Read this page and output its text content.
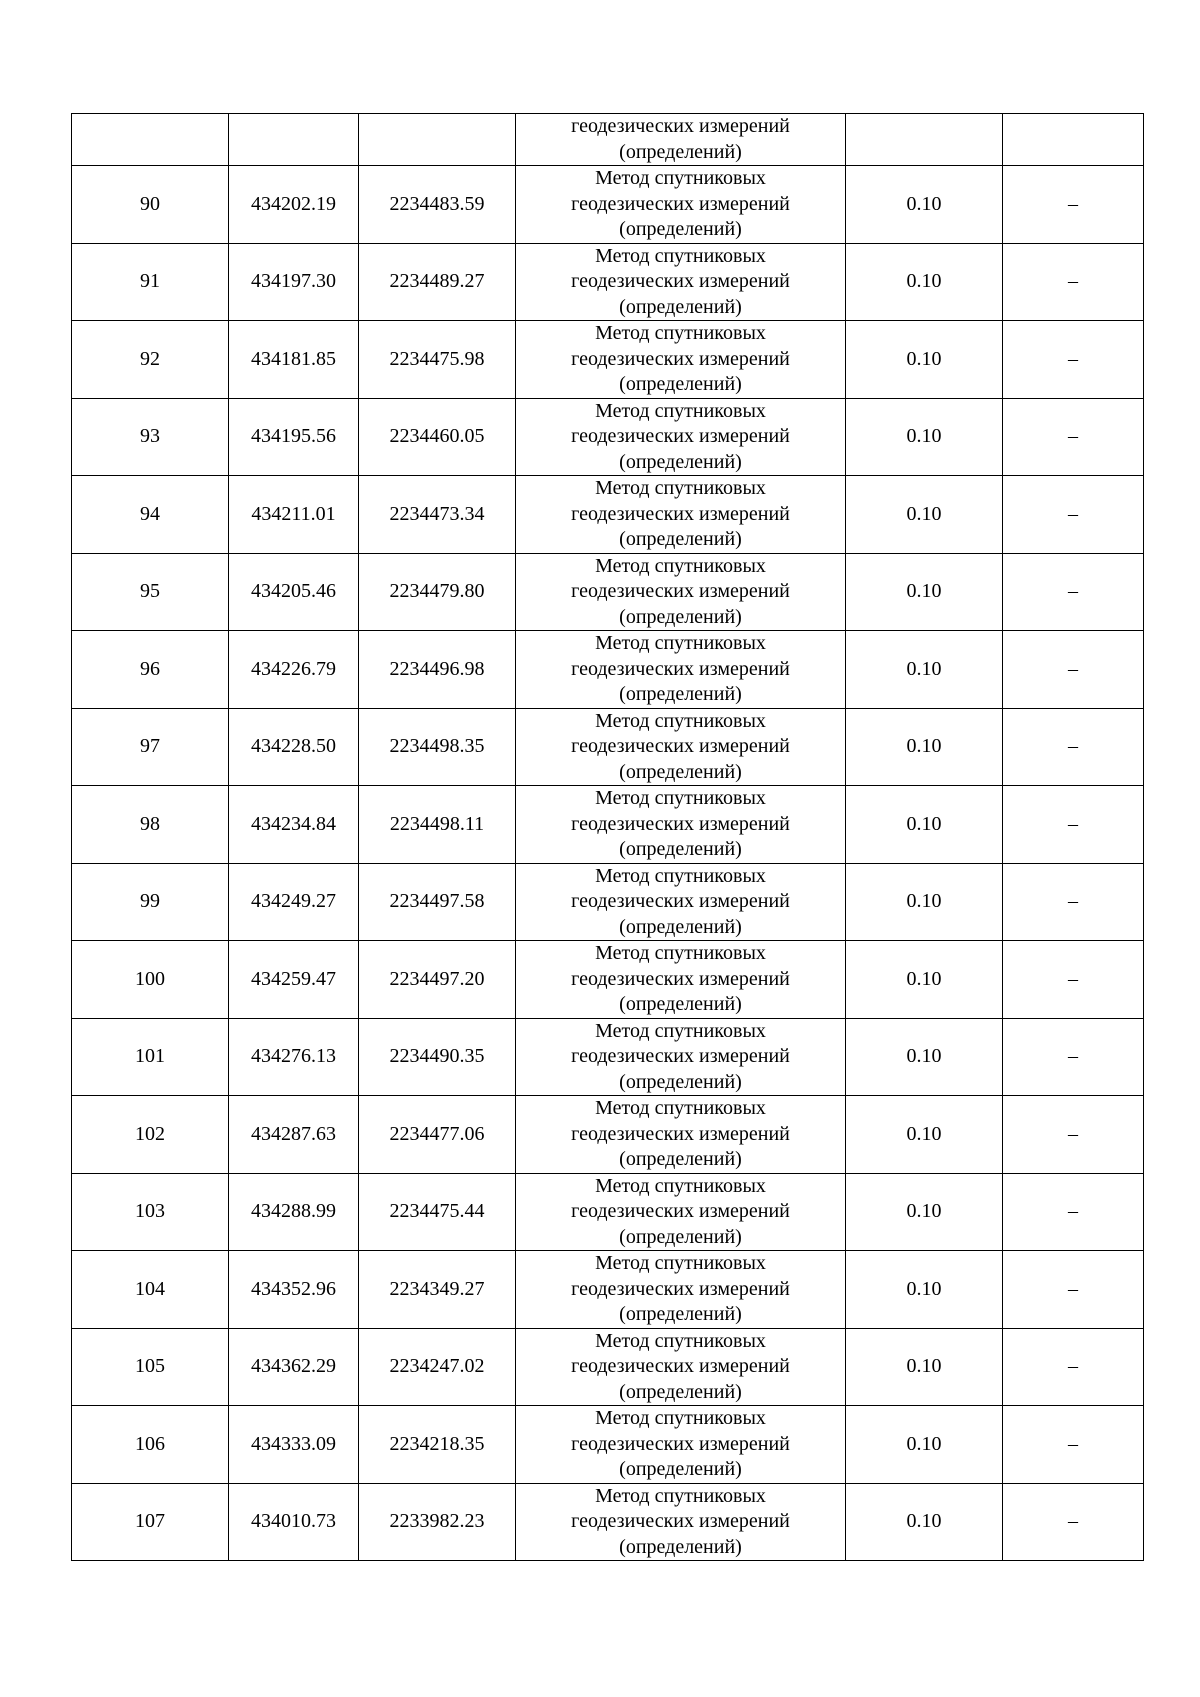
			геодезических измерений
(определений)		

90	434202.19	2234483.59	Метод спутниковых
геодезических измерений
(определений)	0.10	–
91	434197.30	2234489.27	Метод спутниковых
геодезических измерений
(определений)	0.10	–
92	434181.85	2234475.98	Метод спутниковых
геодезических измерений
(определений)	0.10	–
93	434195.56	2234460.05	Метод спутниковых
геодезических измерений
(определений)	0.10	–
94	434211.01	2234473.34	Метод спутниковых
геодезических измерений
(определений)	0.10	–
95	434205.46	2234479.80	Метод спутниковых
геодезических измерений
(определений)	0.10	–
96	434226.79	2234496.98	Метод спутниковых
геодезических измерений
(определений)	0.10	–
97	434228.50	2234498.35	Метод спутниковых
геодезических измерений
(определений)	0.10	–
98	434234.84	2234498.11	Метод спутниковых
геодезических измерений
(определений)	0.10	–
99	434249.27	2234497.58	Метод спутниковых
геодезических измерений
(определений)	0.10	–
100	434259.47	2234497.20	Метод спутниковых
геодезических измерений
(определений)	0.10	–
101	434276.13	2234490.35	Метод спутниковых
геодезических измерений
(определений)	0.10	–
102	434287.63	2234477.06	Метод спутниковых
геодезических измерений
(определений)	0.10	–
103	434288.99	2234475.44	Метод спутниковых
геодезических измерений
(определений)	0.10	–
104	434352.96	2234349.27	Метод спутниковых
геодезических измерений
(определений)	0.10	–
105	434362.29	2234247.02	Метод спутниковых
геодезических измерений
(определений)	0.10	–
106	434333.09	2234218.35	Метод спутниковых
геодезических измерений
(определений)	0.10	–
107	434010.73	2233982.23	Метод спутниковых
геодезических измерений
(определений)	0.10	–
